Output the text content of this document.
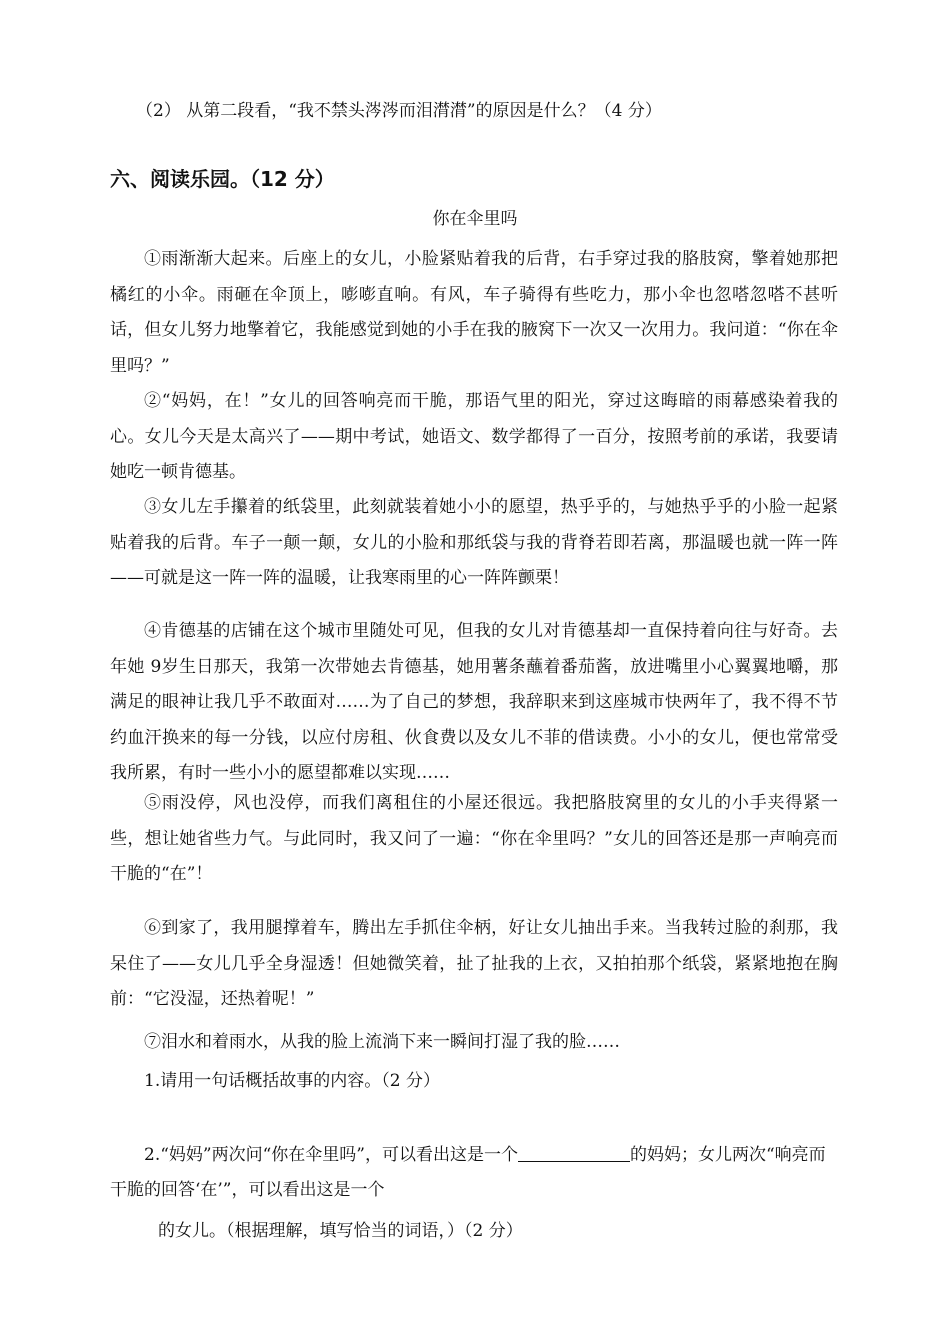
（2） 从第二段看，“我不禁头涔涔而泪潸潸”的原因是什么？（4 分）
六、阅读乐园。（12 分）
你在伞里吗
①雨渐渐大起来。后座上的女儿，小脸紧贴着我的后背，右手穿过我的胳肢窝，擎着她那把橘红的小伞。雨砸在伞顶上，嘭嘭直响。有风，车子骑得有些吃力，那小伞也忽嗒忽嗒不甚听话，但女儿努力地擎着它，我能感觉到她的小手在我的腋窝下一次又一次用力。我问道：“你在伞里吗？”
②“妈妈，在！”女儿的回答响亮而干脆，那语气里的阳光，穿过这晦暗的雨幕感染着我的心。女儿今天是太高兴了——期中考试，她语文、数学都得了一百分，按照考前的承诺，我要请她吃一顿肯德基。
③女儿左手攥着的纸袋里，此刻就装着她小小的愿望，热乎乎的，与她热乎乎的小脸一起紧贴着我的后背。车子一颠一颠，女儿的小脸和那纸袋与我的背脊若即若离，那温暖也就一阵一阵——可就是这一阵一阵的温暖，让我寒雨里的心一阵阵颤栗！
④肯德基的店铺在这个城市里随处可见，但我的女儿对肯德基却一直保持着向往与好奇。去年她 9岁生日那天，我第一次带她去肯德基，她用薯条蘸着番茄酱，放进嘴里小心翼翼地嚼，那满足的眼神让我几乎不敢面对……为了自己的梦想，我辞职来到这座城市快两年了，我不得不节约血汗换来的每一分钱，以应付房租、伙食费以及女儿不菲的借读费。小小的女儿，便也常常受我所累，有时一些小小的愿望都难以实现……
⑤雨没停，风也没停，而我们离租住的小屋还很远。我把胳肢窝里的女儿的小手夹得紧一些，想让她省些力气。与此同时，我又问了一遍：“你在伞里吗？”女儿的回答还是那一声响亮而干脆的“在”！
⑥到家了，我用腿撑着车，腾出左手抓住伞柄，好让女儿抽出手来。当我转过脸的刹那，我呆住了——女儿几乎全身湿透！但她微笑着，扯了扯我的上衣，又拍拍那个纸袋，紧紧地抱在胸前：“它没湿，还热着呢！”
⑦泪水和着雨水，从我的脸上流淌下来一瞬间打湿了我的脸……
1.请用一句话概括故事的内容。（2 分）
2.“妈妈”两次问“你在伞里吗”，可以看出这是一个	的妈妈；女儿两次“响亮而干脆的回答‘在’”，可以看出这是一个
的女儿。（根据理解，填写恰当的词语，）（2 分）
